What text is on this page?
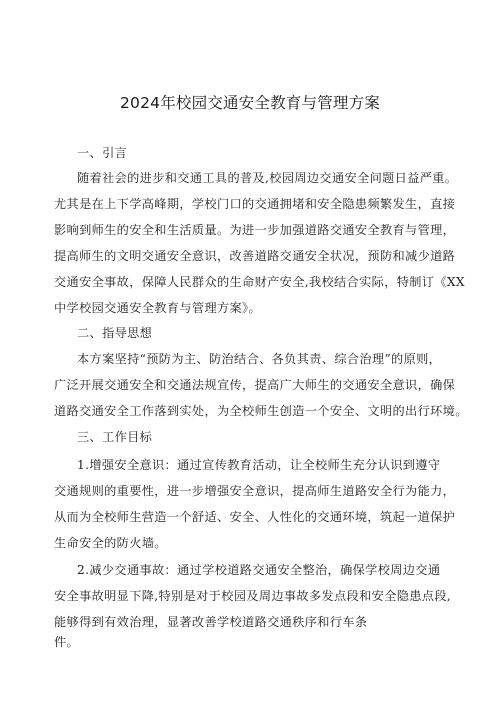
2024年校园交通安全教育与管理方案
一、引言
随着社会的进步和交通工具的普及,校园周边交通安全问题日益严重。
尤其是在上下学高峰期，学校门口的交通拥堵和安全隐患频繁发生，直接
影响到师生的安全和生活质量。为进一步加强道路交通安全教育与管理，
提高师生的文明交通安全意识，改善道路交通安全状况，预防和减少道路
交通安全事故，保障人民群众的生命财产安全,我校结合实际，特制订《XX
中学校园交通安全教育与管理方案》。
二、指导思想
本方案坚持“预防为主、防治结合、各负其责、综合治理”的原则，
广泛开展交通安全和交通法规宣传，提高广大师生的交通安全意识，确保
道路交通安全工作落到实处，为全校师生创造一个安全、文明的出行环境。
三、工作目标
1.增强安全意识：通过宣传教育活动，让全校师生充分认识到遵守
交通规则的重要性，进一步增强安全意识，提高师生道路安全行为能力，
从而为全校师生营造一个舒适、安全、人性化的交通环境，筑起一道保护
生命安全的防火墙。
2.减少交通事故：通过学校道路交通安全整治，确保学校周边交通
安全事故明显下降,特别是对于校园及周边事故多发点段和安全隐患点段,
能够得到有效治理，显著改善学校道路交通秩序和行车条
件。
